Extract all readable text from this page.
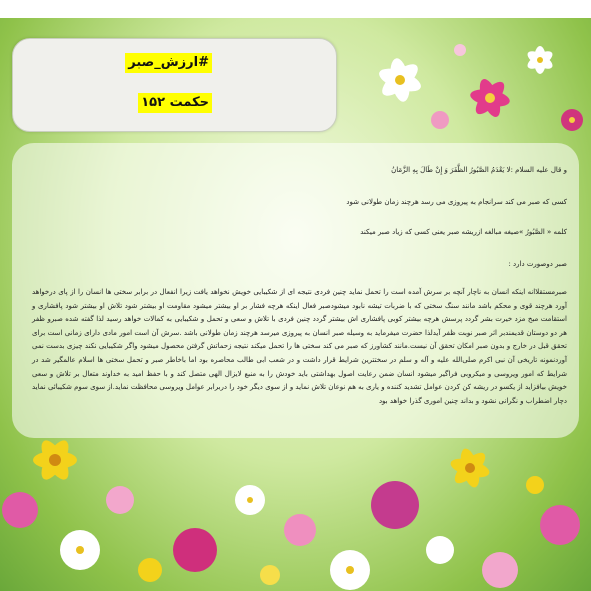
#ارزش_صبر
حکمت ۱۵۲
و قال علیه السلام :لا يَعْدَمُ الصَّبُورُ الظَّفَرَ وَ إِنْ طَالَ بِهِ الزَّمَانُ
کسی که صبر می کند سرانجام به پیروزی می رسد هرچند زمان طولانی شود
کلمه « الصَّبُورُ »صیغه مبالغه ازریشه صبر یعنی کسی که زیاد صبر میکند
صبر دوصورت دارد :
صبرمستقلاانه اینکه انسان به ناچار آنچه بر سرش آمده است را تحمل نماید چنین فردی نتیجه ای از شکیبایی خویش نخواهد یافت زیرا انفعال در برابر سختی ها انسان را از پای درخواهد آورد هرچند قوی و محکم باشد مانند سنگ سختی که با ضربات تیشه نابود میشودصبر فعال اینکه هرچه فشار بر او بیشتر میشود مقاومت او بیشتر شود تلاش او بیشتر شود پافشاری و استقامت مبخ مزد خیرت بشر گردد پرسش هرچه بیشتر کوبی پافشاری اش بیشتر گردد چنین فردی با تلاش و سعی و تحمل و شکیبایی به کمالات خواهد رسید لذا گفته شده صبرو ظفر هر دو دوستان قدیمندبر اثر صبر نوبت ظفر آیدلذا حضرت میفرماید به وسیله صبر انسان به پیروزی میرسد هرچند زمان طولانی باشد .سرش آن است امور مادی دارای زمانی است برای تحقق قبل در خارج و بدون صبر امکان تحقق آن نیست.مانند کشاورز که صبر می کند سختی ها را تحمل میکند نتیجه زحماتش گرفتن محصول میشود واگر شکیبایی نکند چیزی بدست نمی آوردنمونه تاریخی آن نبی اکرم صلی‌الله علیه و آله و سلم در سختترین شرایط قرار داشت و در شعب ابی طالب محاصره بود اما باخاطر صبر و تحمل سختی ها اسلام عالمگیر شد در شرایط که امور ویروسی و میکروبی فراگیر میشود انسان ضمن رعایت اصول بهداشتی باید خودش را به منبع لایزال الهی متصل کند و با حفظ امید به خداوند متعال بر تلاش و سعی خویش بیافزاید از یکسو در ریشه کن کردن عوامل تشدید کننده و یاری به هم نوعان تلاش نماید و از سوی دیگر خود را دربرابر عوامل ویروسی محافظت نماید.از سوی سوم شکیبائی نماید دچار اضطراب و نگرانی نشود و بداند چنین اموری گذرا خواهد بود
